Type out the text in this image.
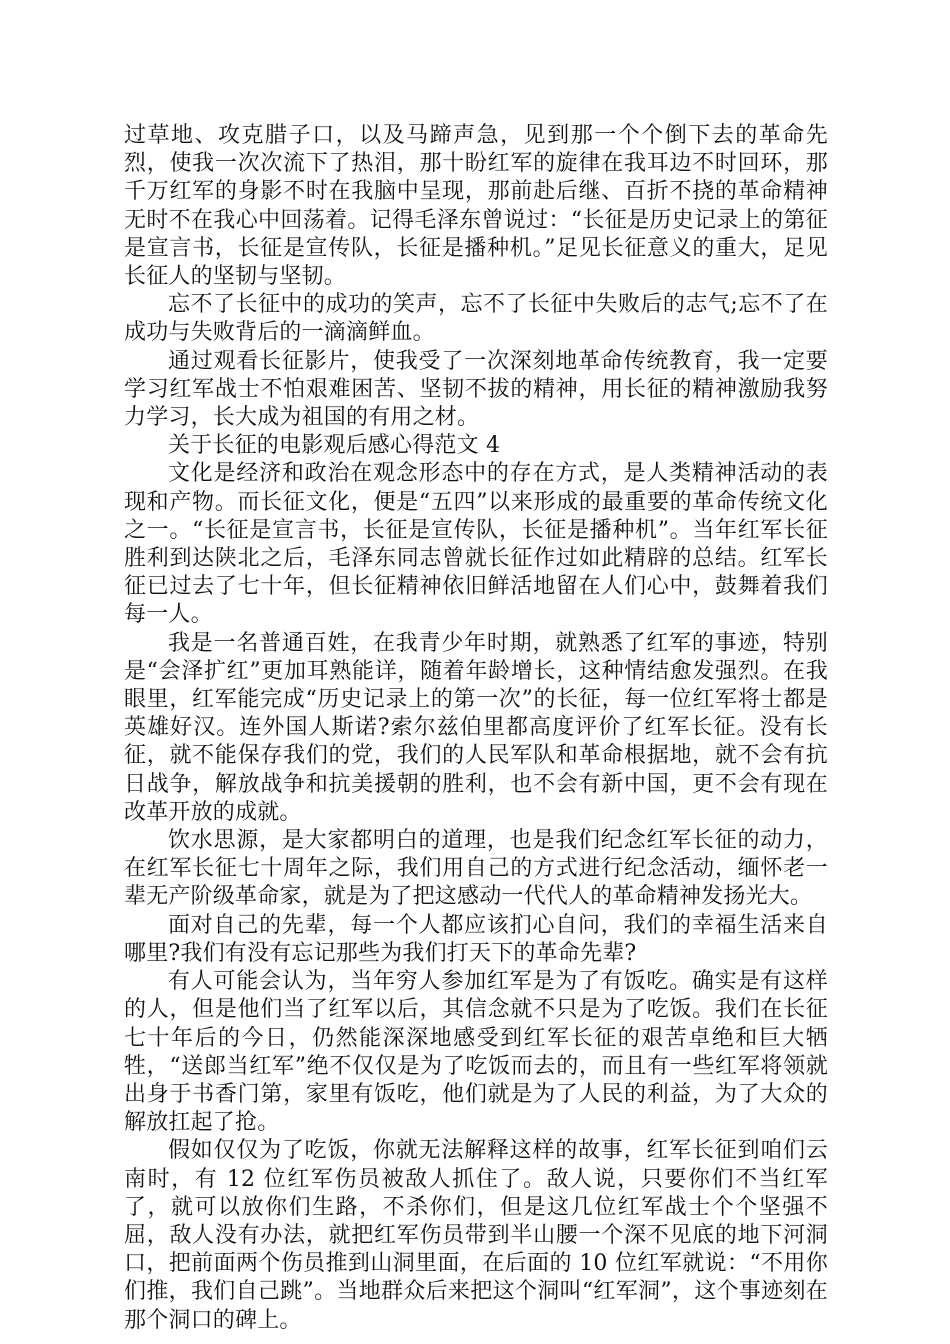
过草地、攻克腊子口，以及马蹄声急，见到那一个个倒下去的革命先烈，使我一次次流下了热泪，那十盼红军的旋律在我耳边不时回环，那千万红军的身影不时在我脑中呈现，那前赴后继、百折不挠的革命精神无时不在我心中回荡着。记得毛泽东曾说过：“长征是历史记录上的第征是宣言书，长征是宣传队，长征是播种机。”足见长征意义的重大，足见长征人的坚韧与坚韧。

忘不了长征中的成功的笑声，忘不了长征中失败后的志气;忘不了在成功与失败背后的一滴滴鲜血。

通过观看长征影片，使我受了一次深刻地革命传统教育，我一定要学习红军战士不怕艰难困苦、坚韧不拔的精神，用长征的精神激励我努力学习，长大成为祖国的有用之材。

关于长征的电影观后感心得范文 4

文化是经济和政治在观念形态中的存在方式，是人类精神活动的表现和产物。而长征文化，便是“五四”以来形成的最重要的革命传统文化之一。“长征是宣言书，长征是宣传队，长征是播种机”。当年红军长征胜利到达陕北之后，毛泽东同志曾就长征作过如此精辟的总结。红军长征已过去了七十年，但长征精神依旧鲜活地留在人们心中，鼓舞着我们每一人。

我是一名普通百姓，在我青少年时期，就熟悉了红军的事迹，特别是“会泽扩红”更加耳熟能详，随着年龄增长，这种情结愈发强烈。在我眼里，红军能完成“历史记录上的第一次”的长征，每一位红军将士都是英雄好汉。连外国人斯诺?索尔兹伯里都高度评价了红军长征。没有长征，就不能保存我们的党，我们的人民军队和革命根据地，就不会有抗日战争，解放战争和抗美援朝的胜利，也不会有新中国，更不会有现在改革开放的成就。

饮水思源，是大家都明白的道理，也是我们纪念红军长征的动力，在红军长征七十周年之际，我们用自己的方式进行纪念活动，缅怀老一辈无产阶级革命家，就是为了把这感动一代代人的革命精神发扬光大。

面对自己的先辈，每一个人都应该扪心自问，我们的幸福生活来自哪里?我们有没有忘记那些为我们打天下的革命先辈?

有人可能会认为，当年穷人参加红军是为了有饭吃。确实是有这样的人，但是他们当了红军以后，其信念就不只是为了吃饭。我们在长征七十年后的今日，仍然能深深地感受到红军长征的艰苦卓绝和巨大牺牲，“送郎当红军”绝不仅仅是为了吃饭而去的，而且有一些红军将领就出身于书香门第，家里有饭吃，他们就是为了人民的利益，为了大众的解放扛起了抢。

假如仅仅为了吃饭，你就无法解释这样的故事，红军长征到咱们云南时，有 12 位红军伤员被敌人抓住了。敌人说，只要你们不当红军了，就可以放你们生路，不杀你们，但是这几位红军战士个个坚强不屈，敌人没有办法，就把红军伤员带到半山腰一个深不见底的地下河洞口，把前面两个伤员推到山洞里面，在后面的 10 位红军就说：“不用你们推，我们自己跳”。当地群众后来把这个洞叫“红军洞”，这个事迹刻在那个洞口的碑上。
